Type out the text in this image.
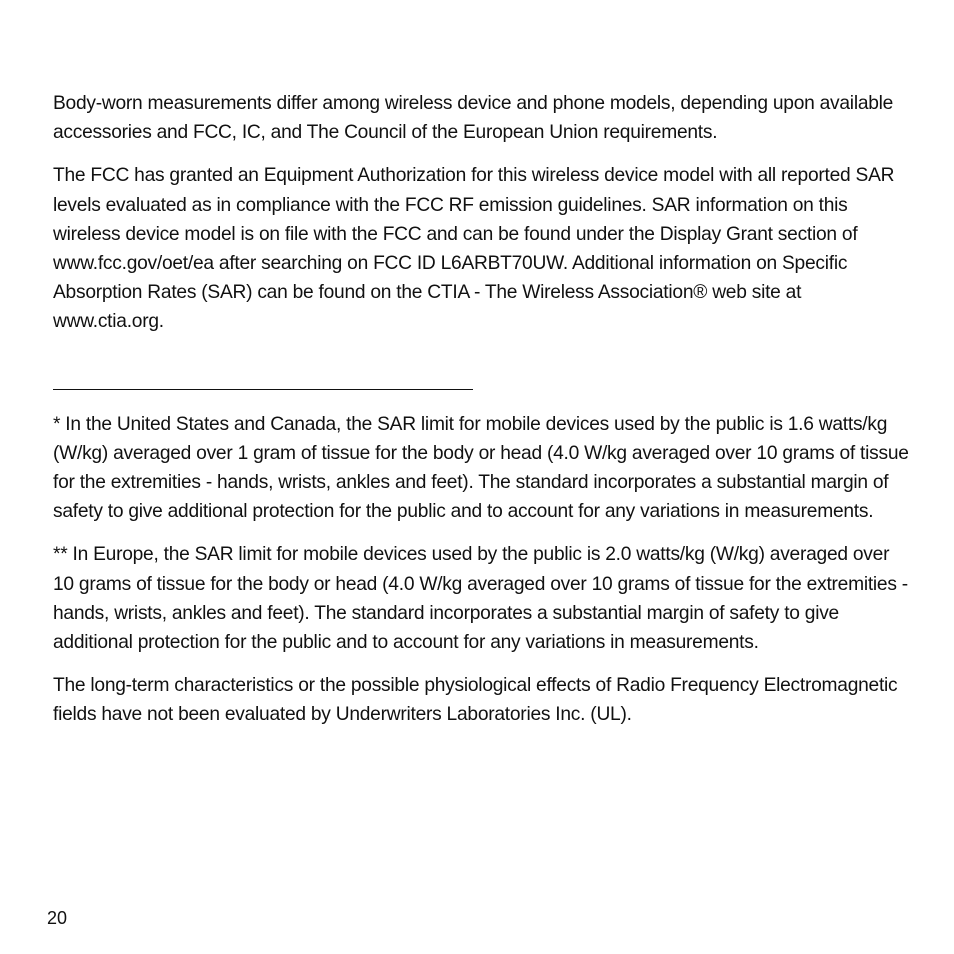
Body-worn measurements differ among wireless device and phone models, depending upon available accessories and FCC, IC, and The Council of the European Union requirements.

The FCC has granted an Equipment Authorization for this wireless device model with all reported SAR levels evaluated as in compliance with the FCC RF emission guidelines. SAR information on this wireless device model is on file with the FCC and can be found under the Display Grant section of www.fcc.gov/oet/ea after searching on FCC ID L6ARBT70UW. Additional information on Specific Absorption Rates (SAR) can be found on the CTIA - The Wireless Association® web site at www.ctia.org.

* In the United States and Canada, the SAR limit for mobile devices used by the public is 1.6 watts/kg (W/kg) averaged over 1 gram of tissue for the body or head (4.0 W/kg averaged over 10 grams of tissue for the extremities - hands, wrists, ankles and feet). The standard incorporates a substantial margin of safety to give additional protection for the public and to account for any variations in measurements.

** In Europe, the SAR limit for mobile devices used by the public is 2.0 watts/kg (W/kg) averaged over 10 grams of tissue for the body or head (4.0 W/kg averaged over 10 grams of tissue for the extremities - hands, wrists, ankles and feet). The standard incorporates a substantial margin of safety to give additional protection for the public and to account for any variations in measurements.

The long-term characteristics or the possible physiological effects of Radio Frequency Electromagnetic fields have not been evaluated by Underwriters Laboratories Inc. (UL).

20
